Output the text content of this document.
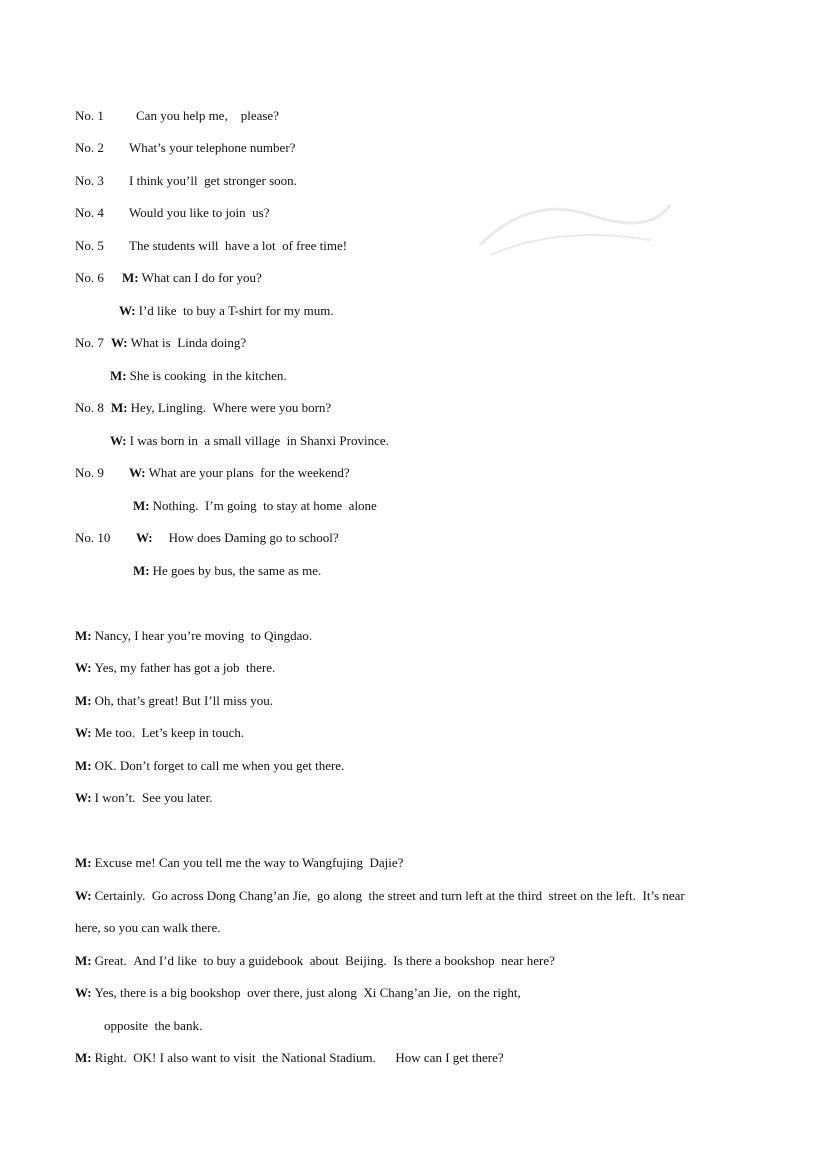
No. 1 Can you help me,    please?
No. 2 What’s your telephone number?
No. 3 I think you’ll  get stronger soon.
No. 4 Would you like to join  us?
No. 5 The students will  have a lot  of free time!
No. 6 M: What can I do for you?
W: I’d like  to buy a T-shirt for my mum.
No. 7 W: What is  Linda doing?
M: She is cooking  in the kitchen.
No. 8 M: Hey, Lingling.  Where were you born?
W: I was born in  a small village  in Shanxi Province.
No. 9 W: What are your plans  for the weekend?
M: Nothing.  I’m going  to stay at home  alone
No. 10 W: How does Daming go to school?
M: He goes by bus, the same as me.
M: Nancy, I hear you’re moving  to Qingdao.
W: Yes, my father has got a job  there.
M: Oh, that’s great! But I’ll miss you.
W: Me too.  Let’s keep in touch.
M: OK. Don’t forget to call me when you get there.
W: I won’t.  See you later.
M: Excuse me! Can you tell me the way to Wangfujing  Dajie?
W: Certainly.  Go across Dong Chang’an Jie,  go along  the street and turn left at the third  street on the left.  It’s near
here, so you can walk there.
M: Great.  And I’d like  to buy a guidebook  about  Beijing.  Is there a bookshop  near here?
W: Yes, there is a big bookshop  over there, just along  Xi Chang’an Jie,  on the right,
opposite  the bank.
M: Right.  OK! I also want to visit  the National Stadium.      How can I get there?
